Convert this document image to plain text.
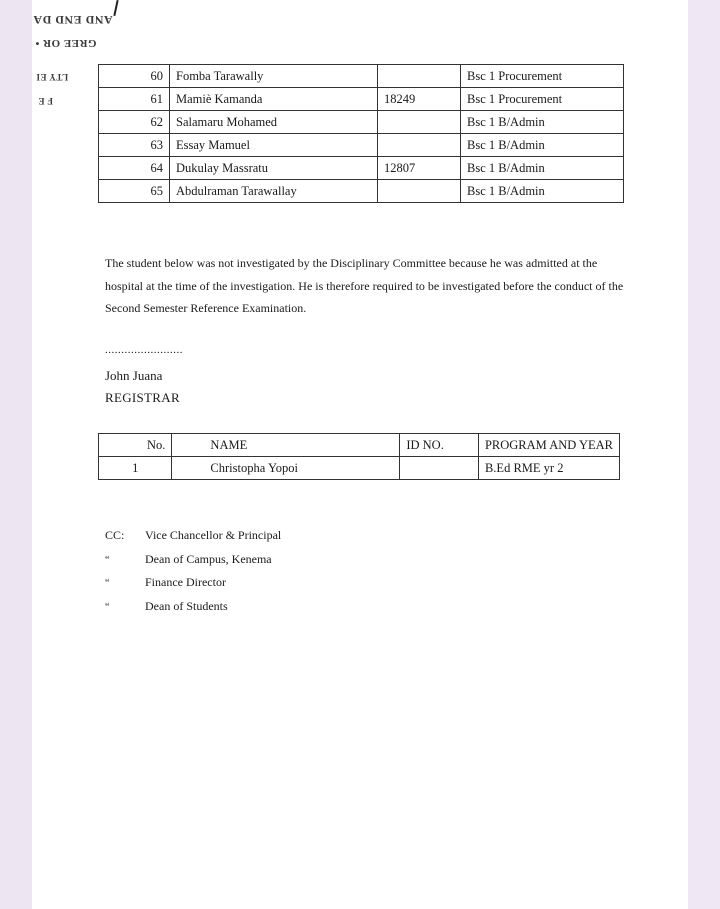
AND END DA
GREE OR •
LTY EI
F E
60	Fomba Tarawally		Bsc 1 Procurement
61	Mamiè Kamanda	18249	Bsc 1 Procurement
62	Salamaru Mohamed		Bsc 1 B/Admin
63	Essay Mamuel		Bsc 1 B/Admin
64	Dukulay Massratu	12807	Bsc 1 B/Admin
65	Abdulraman Tarawallay		Bsc 1 B/Admin
The student below was not investigated by the Disciplinary Committee because he was admitted at the hospital at the time of the investigation. He is therefore required to be investigated before the conduct of the Second Semester Reference Examination.
........................
John Juana
REGISTRAR
No.	NAME	ID NO.	PROGRAM AND YEAR
1	Christopha Yopoi		B.Ed RME yr 2
CC:	Vice Chancellor & Principal
“	Dean of Campus, Kenema
“	Finance Director
“	Dean of Students
